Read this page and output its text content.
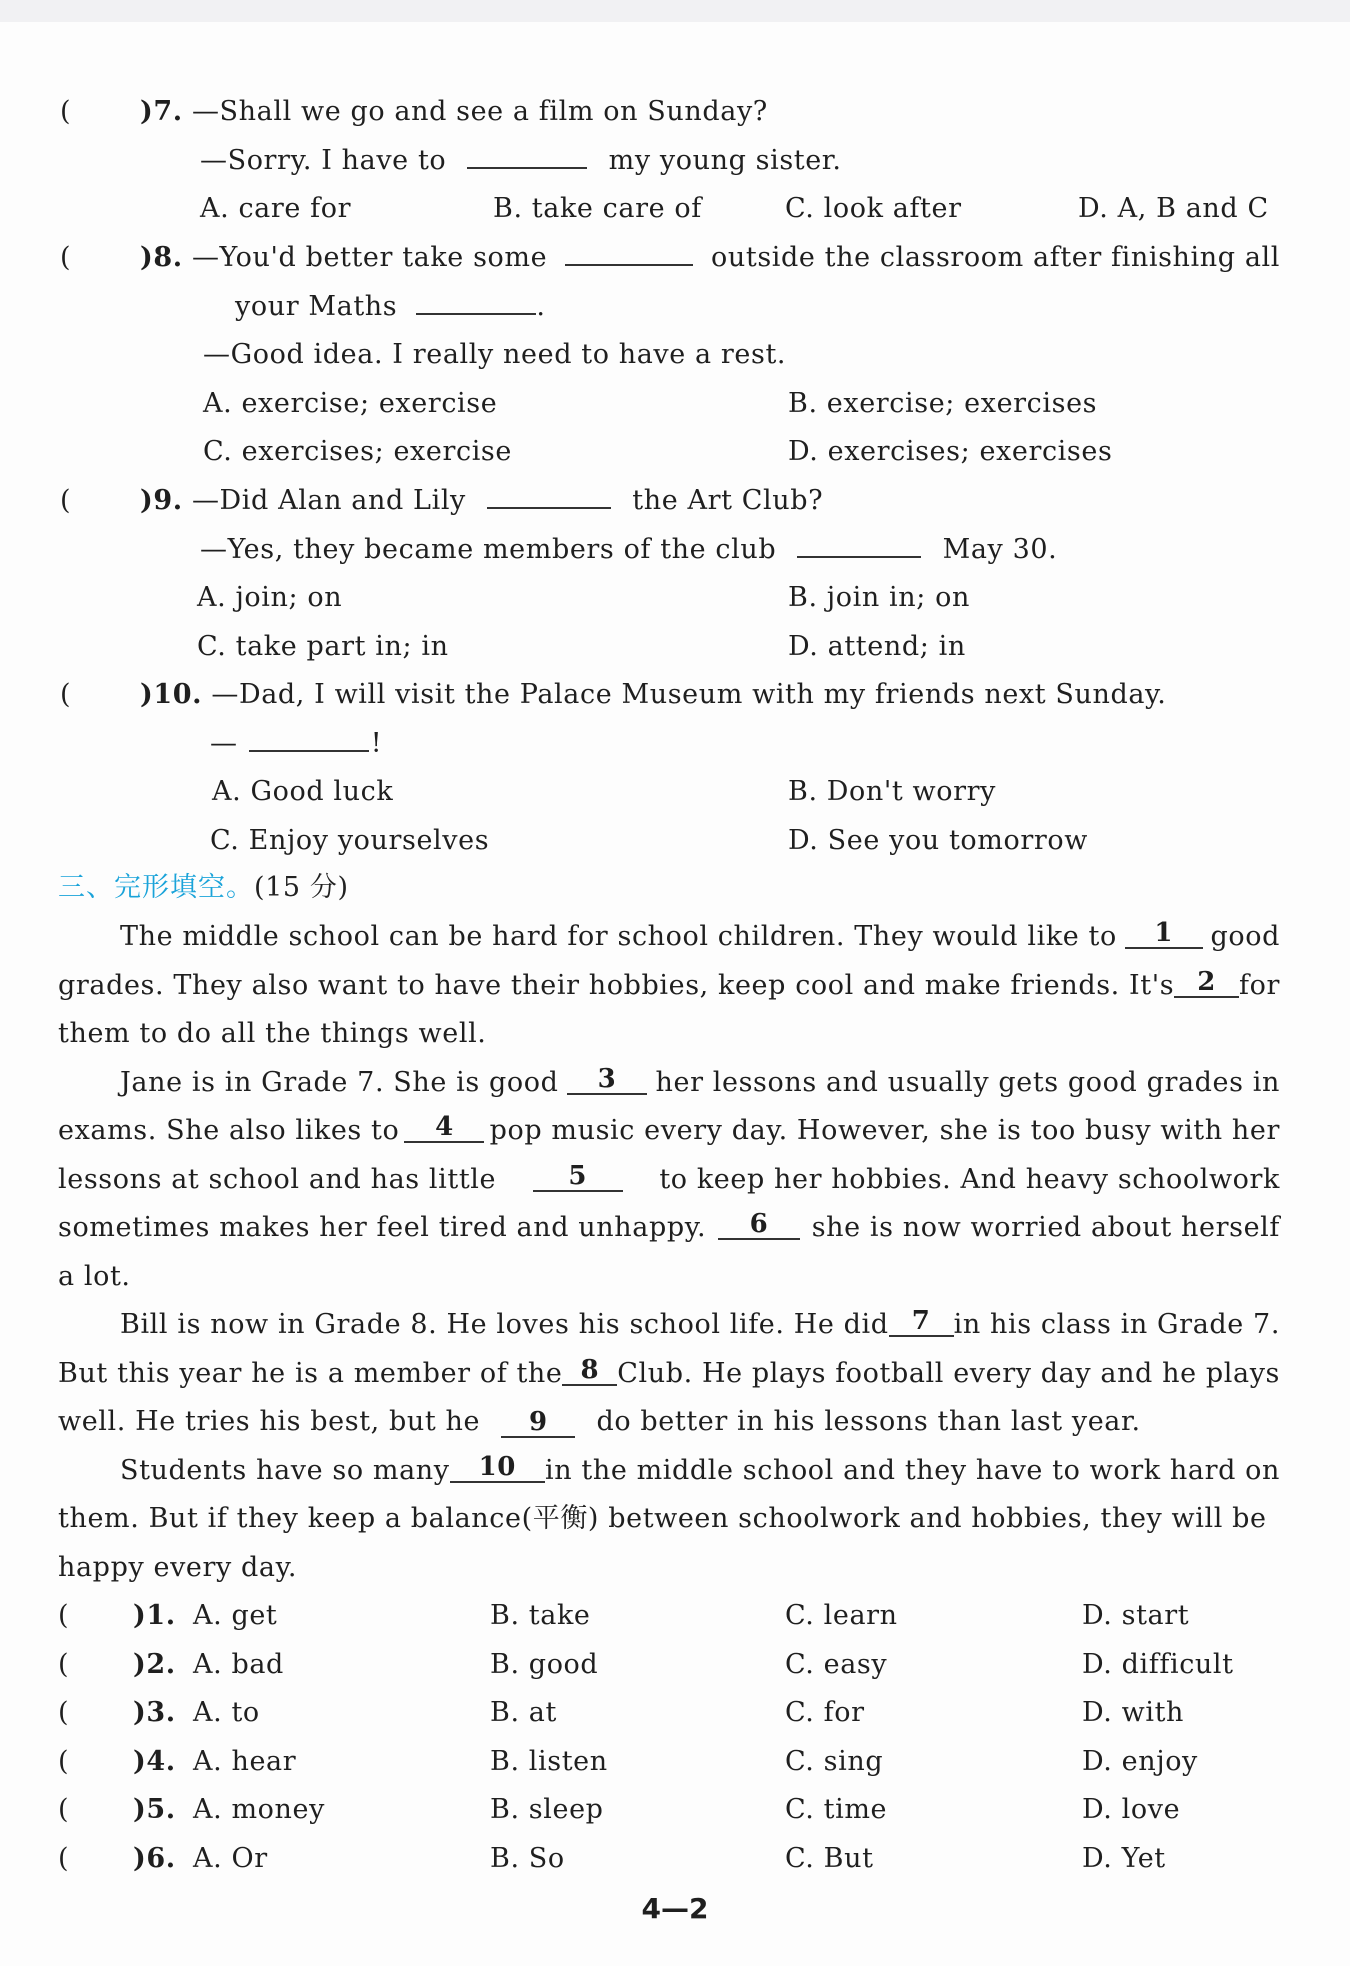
(	)7. —Shall we go and see a film on Sunday?
—Sorry. I have to	my young sister.
A. care for	B. take care of	C. look after	D. A, B and C
(	)8. —You'd better take some	outside the classroom after finishing all
your Maths	.
—Good idea. I really need to have a rest.
A. exercise; exercise	B. exercise; exercises
C. exercises; exercise	D. exercises; exercises
(	)9. —Did Alan and Lily	the Art Club?
—Yes, they became members of the club	May 30.
A. join; on	B. join in; on
C. take part in; in	D. attend; in
(	)10. —Dad, I will visit the Palace Museum with my friends next Sunday.
—	!
A. Good luck	B. Don't worry
C. Enjoy yourselves	D. See you tomorrow
三、完形填空。(15 分)
The middle school can be hard for school children. They would like to	1	good
grades. They also want to have their hobbies, keep cool and make friends. It's 2 for
them to do all the things well.
Jane is in Grade 7. She is good	3	her lessons and usually gets good grades in
exams. She also likes to	4	pop music every day. However, she is too busy with her
lessons at school and has little	5	to keep her hobbies. And heavy schoolwork
sometimes makes her feel tired and unhappy.	6	she is now worried about herself
a lot.
Bill is now in Grade 8. He loves his school life. He did 7 in his class in Grade 7.
But this year he is a member of the 8 Club. He plays football every day and he plays
well. He tries his best, but he 9 do better in his lessons than last year.
Students have so many	10	in the middle school and they have to work hard on
them. But if they keep a balance(平衡) between schoolwork and hobbies, they will be
happy every day.
( )1. A. get	B. take	C. learn	D. start
( )2. A. bad	B. good	C. easy	D. difficult
( )3. A. to	B. at	C. for	D. with
( )4. A. hear	B. listen	C. sing	D. enjoy
( )5. A. money	B. sleep	C. time	D. love
( )6. A. Or	B. So	C. But	D. Yet
4—2
